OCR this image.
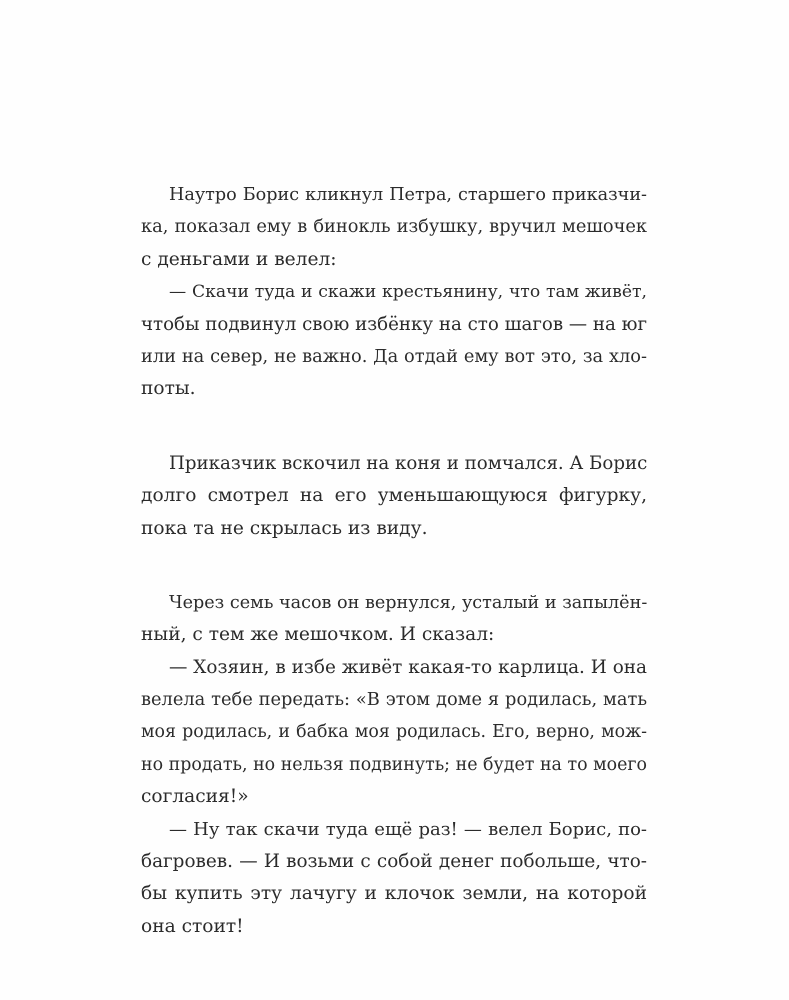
Наутро Борис кликнул Петра, старшего приказчи-
ка, показал ему в бинокль избушку, вручил мешочек
с деньгами и велел:
— Скачи туда и скажи крестьянину, что там живёт,
чтобы подвинул свою избёнку на сто шагов — на юг
или на север, не важно. Да отдай ему вот это, за хло-
поты.
Приказчик вскочил на коня и помчался. А Борис
долго смотрел на его уменьшающуюся фигурку,
пока та не скрылась из виду.
Через семь часов он вернулся, усталый и запылён-
ный, с тем же мешочком. И сказал:
— Хозяин, в избе живёт какая-то карлица. И она
велела тебе передать: «В этом доме я родилась, мать
моя родилась, и бабка моя родилась. Его, верно, мож-
но продать, но нельзя подвинуть; не будет на то моего
согласия!»
— Ну так скачи туда ещё раз! — велел Борис, по-
багровев. — И возьми с собой денег побольше, что-
бы купить эту лачугу и клочок земли, на которой
она стоит!
